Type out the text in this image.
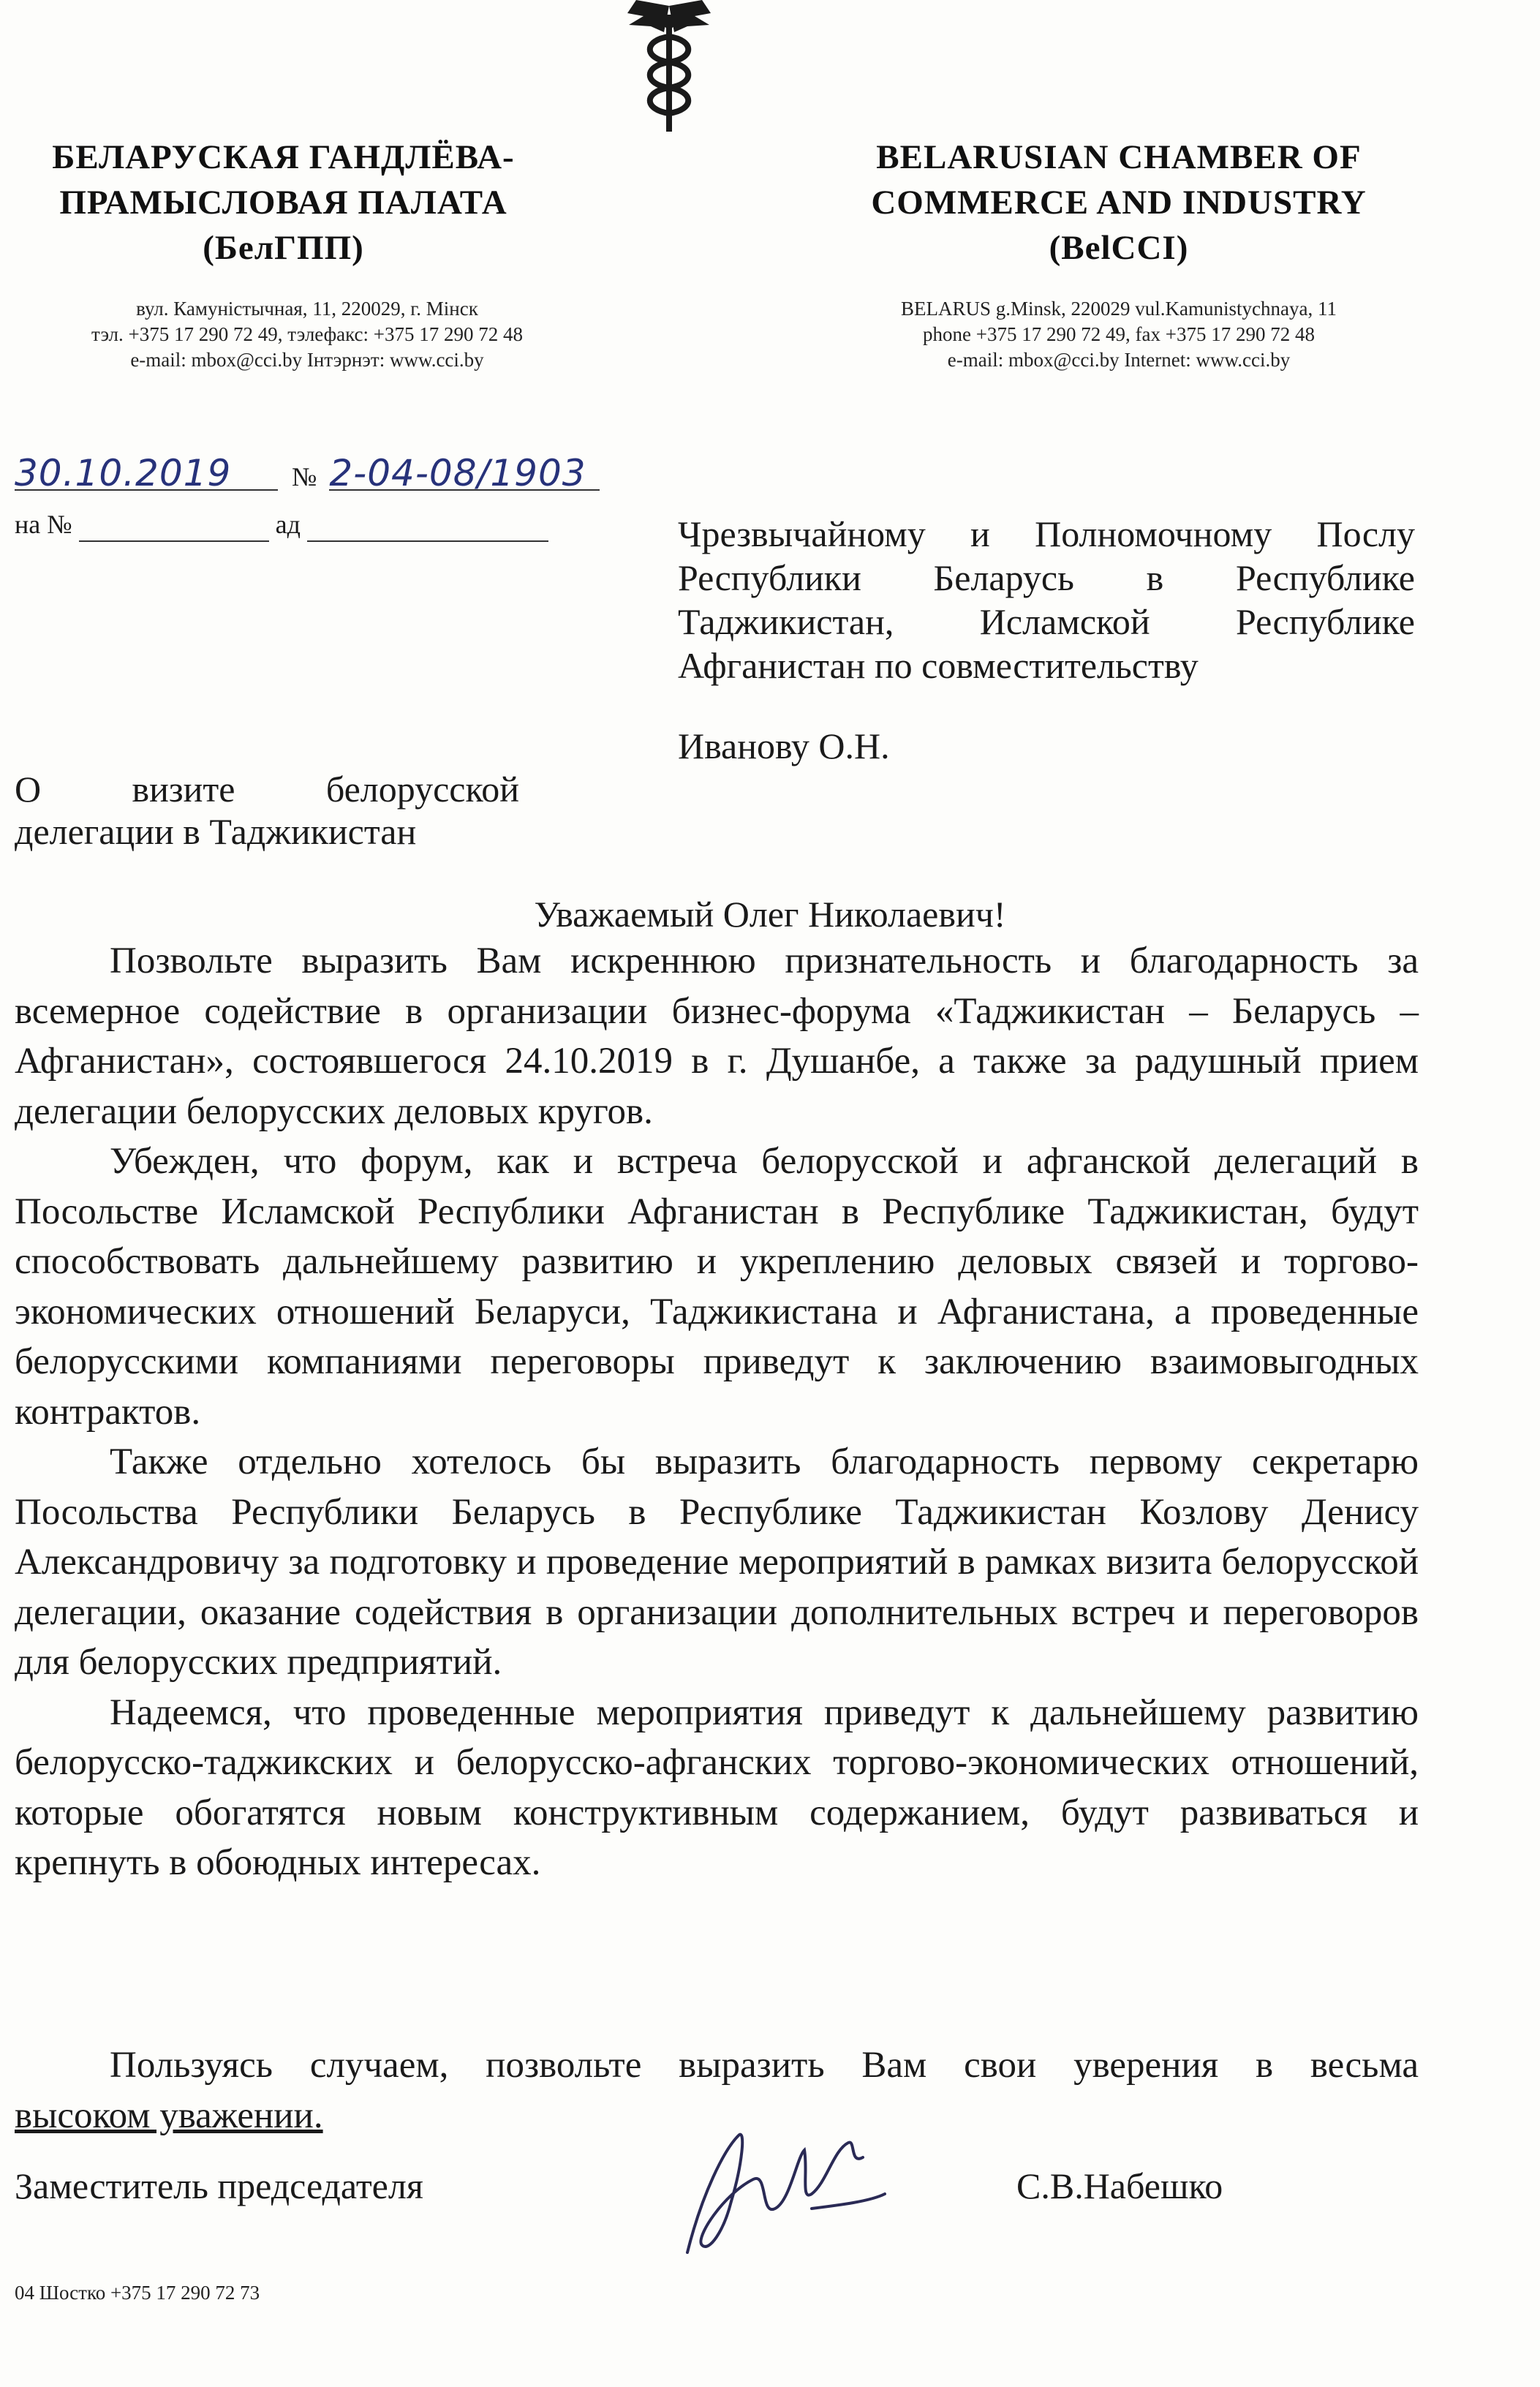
БЕЛАРУСКАЯ ГАНДЛЁВА-
ПРАМЫСЛОВАЯ ПАЛАТА
(БелГПП)
BELARUSIAN CHAMBER OF
COMMERCE AND INDUSTRY
(BelCCI)
вул. Камуністычная, 11, 220029, г. Мінск
тэл. +375 17 290 72 49, тэлефакс: +375 17 290 72 48
e-mail: mbox@cci.by Інтэрнэт: www.cci.by
BELARUS g.Minsk, 220029 vul.Kamunistychnaya, 11
phone +375 17 290 72 49, fax +375 17 290 72 48
e-mail: mbox@cci.by Internet: www.cci.by
30.10.2019 № 2-04-08/1903
на №	ад	Чрезвычайному и Полномочному Послу Республики Беларусь в Республике Таджикистан, Исламской Республике Афганистан по совместительству
Иванову О.Н.
О визите белорусской делегации в Таджикистан
Уважаемый Олег Николаевич!

Позвольте выразить Вам искреннюю признательность и благодарность за всемерное содействие в организации бизнес-форума «Таджикистан – Беларусь – Афганистан», состоявшегося 24.10.2019 в г. Душанбе, а также за радушный прием делегации белорусских деловых кругов.

Убежден, что форум, как и встреча белорусской и афганской делегаций в Посольстве Исламской Республики Афганистан в Республике Таджикистан, будут способствовать дальнейшему развитию и укреплению деловых связей и торгово-экономических отношений Беларуси, Таджикистана и Афганистана, а проведенные белорусскими компаниями переговоры приведут к заключению взаимовыгодных контрактов.

Также отдельно хотелось бы выразить благодарность первому секретарю Посольства Республики Беларусь в Республике Таджикистан Козлову Денису Александровичу за подготовку и проведение мероприятий в рамках визита белорусской делегации, оказание содействия в организации дополнительных встреч и переговоров для белорусских предприятий.

Надеемся, что проведенные мероприятия приведут к дальнейшему развитию белорусско-таджикских и белорусско-афганских торгово-экономических отношений, которые обогатятся новым конструктивным содержанием, будут развиваться и крепнуть в обоюдных интересах.

Пользуясь случаем, позвольте выразить Вам свои уверения в весьма
высоком уважении.
Заместитель председателя	С.В.Набешко
04 Шостко +375 17 290 72 73
